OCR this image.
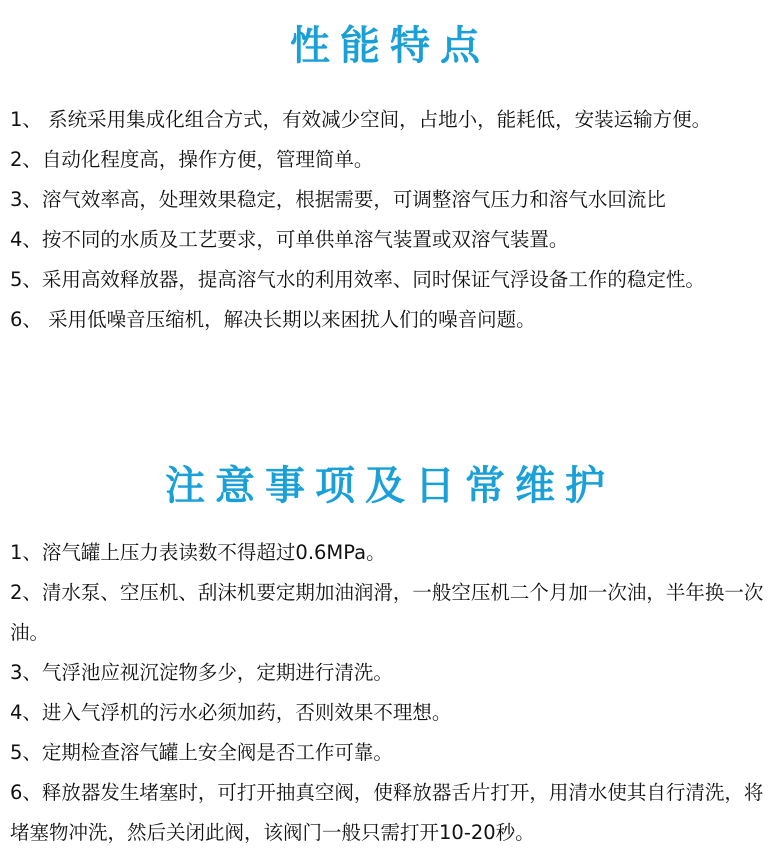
性能特点
1、 系统采用集成化组合方式，有效减少空间，占地小，能耗低，安装运输方便。
2、自动化程度高，操作方便，管理简单。
3、溶气效率高，处理效果稳定，根据需要，可调整溶气压力和溶气水回流比
4、按不同的水质及工艺要求，可单供单溶气装置或双溶气装置。
5、采用高效释放器，提高溶气水的利用效率、同时保证气浮设备工作的稳定性。
6、 采用低噪音压缩机，解决长期以来困扰人们的噪音问题。
注意事项及日常维护
1、溶气罐上压力表读数不得超过0.6MPa。
2、清水泵、空压机、刮沫机要定期加油润滑，一般空压机二个月加一次油，半年换一次油。
3、气浮池应视沉淀物多少，定期进行清洗。
4、进入气浮机的污水必须加药，否则效果不理想。
5、定期检查溶气罐上安全阀是否工作可靠。
6、释放器发生堵塞时，可打开抽真空阀，使释放器舌片打开，用清水使其自行清洗，将堵塞物冲洗，然后关闭此阀，该阀门一般只需打开10-20秒。
